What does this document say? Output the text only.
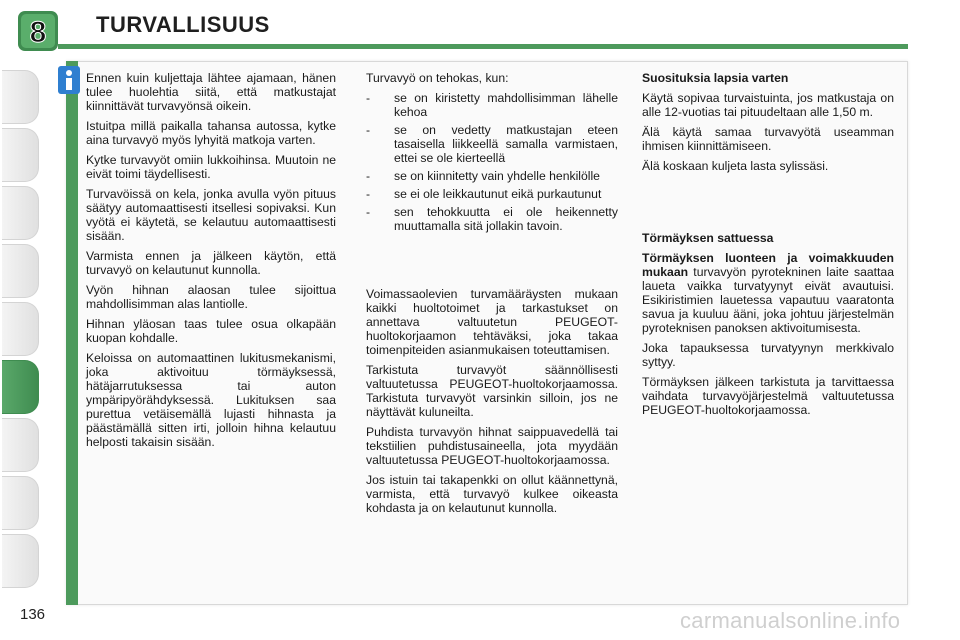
8 TURVALLISUUS

Ennen kuin kuljettaja lähtee ajamaan, hänen tulee huolehtia siitä, että matkustajat kiinnittävät turvavyönsä oikein.

Istuitpa millä paikalla tahansa autossa, kytke aina turvavyö myös lyhyitä matkoja varten.

Kytke turvavyöt omiin lukkoihinsa. Muutoin ne eivät toimi täydellisesti.

Turvavöissä on kela, jonka avulla vyön pituus säätyy automaattisesti itsellesi sopivaksi. Kun vyötä ei käytetä, se kelautuu automaattisesti sisään.

Varmista ennen ja jälkeen käytön, että turvavyö on kelautunut kunnolla.

Vyön hihnan alaosan tulee sijoittua mahdollisimman alas lantiolle.

Hihnan yläosan taas tulee osua olkapään kuopan kohdalle.

Keloissa on automaattinen lukitusmekanismi, joka aktivoituu törmäyksessä, hätäjarrutuksessa tai auton ympäripyörähdyksessä. Lukituksen saa purettua vetäisemällä lujasti hihnasta ja päästämällä sitten irti, jolloin hihna kelautuu helposti takaisin sisään.

Turvavyö on tehokas, kun:

- se on kiristetty mahdollisimman lähelle kehoa
- se on vedetty matkustajan eteen tasaisella liikkeellä samalla varmistaen, ettei se ole kierteellä
- se on kiinnitetty vain yhdelle henkilölle
- se ei ole leikkautunut eikä purkautunut
- sen tehokkuutta ei ole heikennetty muuttamalla sitä jollakin tavoin.

Voimassaolevien turvamääräysten mukaan kaikki huoltotoimet ja tarkastukset on annettava valtuutetun PEUGEOT-huoltokorjaamon tehtäväksi, joka takaa toimenpiteiden asianmukaisen toteuttamisen.

Tarkistuta turvavyöt säännöllisesti valtuutetussa PEUGEOT-huoltokorjaamossa. Tarkistuta turvavyöt varsinkin silloin, jos ne näyttävät kuluneilta.

Puhdista turvavyön hihnat saippuavedellä tai tekstiilien puhdistusaineella, jota myydään valtuutetussa PEUGEOT-huoltokorjaamossa.

Jos istuin tai takapenkki on ollut käännettynä, varmista, että turvavyö kulkee oikeasta kohdasta ja on kelautunut kunnolla.

Suosituksia lapsia varten

Käytä sopivaa turvaistuinta, jos matkustaja on alle 12-vuotias tai pituudeltaan alle 1,50 m.

Älä käytä samaa turvavyötä useamman ihmisen kiinnittämiseen.

Älä koskaan kuljeta lasta sylissäsi.

Törmäyksen sattuessa

Törmäyksen luonteen ja voimakkuuden mukaan turvavyön pyrotekninen laite saattaa laueta vaikka turvatyynyt eivät avautuisi. Esikiristimien lauetessa vapautuu vaaratonta savua ja kuuluu ääni, joka johtuu järjestelmän pyroteknisen panoksen aktivoitumisesta.

Joka tapauksessa turvatyynyn merkkivalo syttyy.

Törmäyksen jälkeen tarkistuta ja tarvittaessa vaihdata turvavyöjärjestelmä valtuutetussa PEUGEOT-huoltokorjaamossa.

136	carmanualsonline.info
